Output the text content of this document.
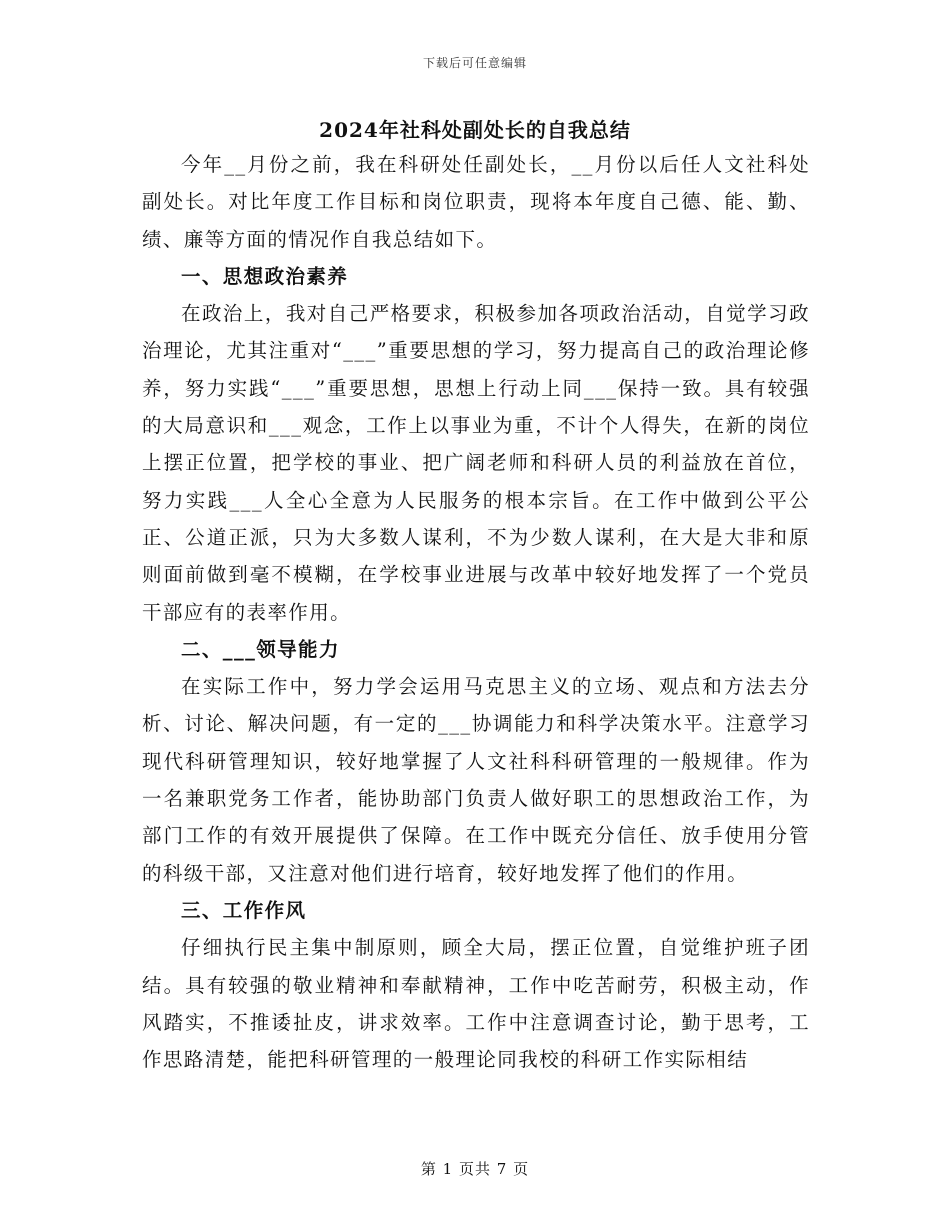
下载后可任意编辑
2024年社科处副处长的自我总结

今年__月份之前，我在科研处任副处长，__月份以后任人文社科处副处长。对比年度工作目标和岗位职责，现将本年度自己德、能、勤、绩、廉等方面的情况作自我总结如下。

一、思想政治素养

在政治上，我对自己严格要求，积极参加各项政治活动，自觉学习政治理论，尤其注重对“___”重要思想的学习，努力提高自己的政治理论修养，努力实践“___”重要思想，思想上行动上同___保持一致。具有较强的大局意识和___观念，工作上以事业为重，不计个人得失，在新的岗位上摆正位置，把学校的事业、把广阔老师和科研人员的利益放在首位，努力实践___人全心全意为人民服务的根本宗旨。在工作中做到公平公正、公道正派，只为大多数人谋利，不为少数人谋利，在大是大非和原则面前做到毫不模糊，在学校事业进展与改革中较好地发挥了一个党员干部应有的表率作用。

二、___领导能力

在实际工作中，努力学会运用马克思主义的立场、观点和方法去分析、讨论、解决问题，有一定的___协调能力和科学决策水平。注意学习现代科研管理知识，较好地掌握了人文社科科研管理的一般规律。作为一名兼职党务工作者，能协助部门负责人做好职工的思想政治工作，为部门工作的有效开展提供了保障。在工作中既充分信任、放手使用分管的科级干部，又注意对他们进行培育，较好地发挥了他们的作用。

三、工作作风

仔细执行民主集中制原则，顾全大局，摆正位置，自觉维护班子团结。具有较强的敬业精神和奉献精神，工作中吃苦耐劳，积极主动，作风踏实，不推诿扯皮，讲求效率。工作中注意调查讨论，勤于思考，工作思路清楚，能把科研管理的一般理论同我校的科研工作实际相结

第 1 页共 7 页
